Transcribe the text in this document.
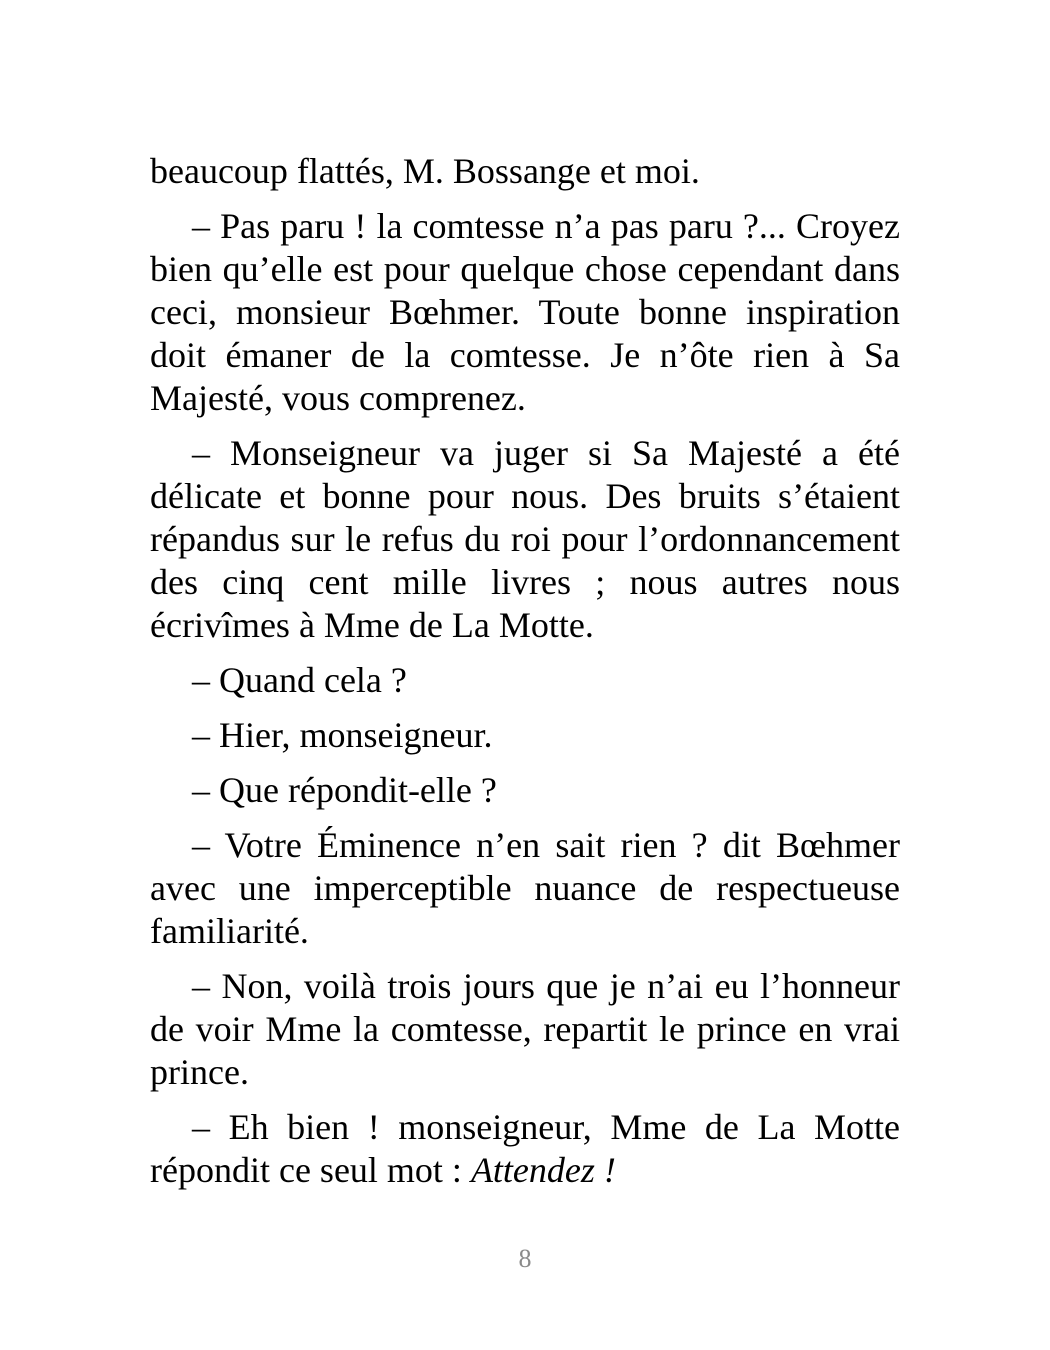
beaucoup flattés, M. Bossange et moi.

– Pas paru ! la comtesse n’a pas paru ?... Croyez bien qu’elle est pour quelque chose cependant dans ceci, monsieur Bœhmer. Toute bonne inspiration doit émaner de la comtesse. Je n’ôte rien à Sa Majesté, vous comprenez.

– Monseigneur va juger si Sa Majesté a été délicate et bonne pour nous. Des bruits s’étaient répandus sur le refus du roi pour l’ordonnancement des cinq cent mille livres ; nous autres nous écrivîmes à Mme de La Motte.

– Quand cela ?

– Hier, monseigneur.

– Que répondit-elle ?

– Votre Éminence n’en sait rien ? dit Bœhmer avec une imperceptible nuance de respectueuse familiarité.

– Non, voilà trois jours que je n’ai eu l’honneur de voir Mme la comtesse, repartit le prince en vrai prince.

– Eh bien ! monseigneur, Mme de La Motte répondit ce seul mot : Attendez !

8
